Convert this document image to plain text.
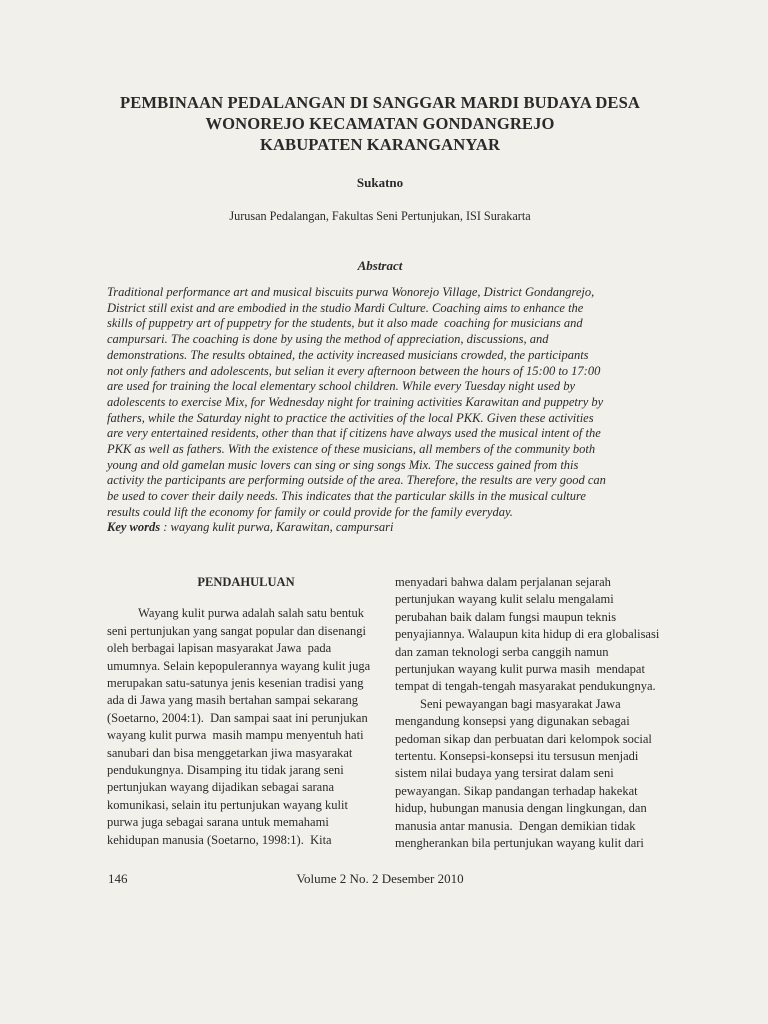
PEMBINAAN PEDALANGAN DI SANGGAR MARDI BUDAYA DESA
WONOREJO KECAMATAN GONDANGREJO
KABUPATEN KARANGANYAR
Sukatno
Jurusan Pedalangan, Fakultas Seni Pertunjukan, ISI Surakarta
Abstract
Traditional performance art and musical biscuits purwa Wonorejo Village, District Gondangrejo,
District still exist and are embodied in the studio Mardi Culture. Coaching aims to enhance the
skills of puppetry art of puppetry for the students, but it also made  coaching for musicians and
campursari. The coaching is done by using the method of appreciation, discussions, and
demonstrations. The results obtained, the activity increased musicians crowded, the participants
not only fathers and adolescents, but selian it every afternoon between the hours of 15:00 to 17:00
are used for training the local elementary school children. While every Tuesday night used by
adolescents to exercise Mix, for Wednesday night for training activities Karawitan and puppetry by
fathers, while the Saturday night to practice the activities of the local PKK. Given these activities
are very entertained residents, other than that if citizens have always used the musical intent of the
PKK as well as fathers. With the existence of these musicians, all members of the community both
young and old gamelan music lovers can sing or sing songs Mix. The success gained from this
activity the participants are performing outside of the area. Therefore, the results are very good can
be used to cover their daily needs. This indicates that the particular skills in the musical culture
results could lift the economy for family or could provide for the family everyday.
Key words : wayang kulit purwa, Karawitan, campursari
PENDAHULUAN
Wayang kulit purwa adalah salah satu bentuk
seni pertunjukan yang sangat popular dan disenangi
oleh berbagai lapisan masyarakat Jawa  pada
umumnya. Selain kepopulerannya wayang kulit juga
merupakan satu-satunya jenis kesenian tradisi yang
ada di Jawa yang masih bertahan sampai sekarang
(Soetarno, 2004:1).  Dan sampai saat ini perunjukan
wayang kulit purwa  masih mampu menyentuh hati
sanubari dan bisa menggetarkan jiwa masyarakat
pendukungnya. Disamping itu tidak jarang seni
pertunjukan wayang dijadikan sebagai sarana
komunikasi, selain itu pertunjukan wayang kulit
purwa juga sebagai sarana untuk memahami
kehidupan manusia (Soetarno, 1998:1).  Kita
menyadari bahwa dalam perjalanan sejarah
pertunjukan wayang kulit selalu mengalami
perubahan baik dalam fungsi maupun teknis
penyajiannya. Walaupun kita hidup di era globalisasi
dan zaman teknologi serba canggih namun
pertunjukan wayang kulit purwa masih  mendapat
tempat di tengah-tengah masyarakat pendukungnya.
Seni pewayangan bagi masyarakat Jawa
mengandung konsepsi yang digunakan sebagai
pedoman sikap dan perbuatan dari kelompok social
tertentu. Konsepsi-konsepsi itu tersusun menjadi
sistem nilai budaya yang tersirat dalam seni
pewayangan. Sikap pandangan terhadap hakekat
hidup, hubungan manusia dengan lingkungan, dan
manusia antar manusia.  Dengan demikian tidak
mengherankan bila pertunjukan wayang kulit dari
146	Volume 2 No. 2 Desember 2010
